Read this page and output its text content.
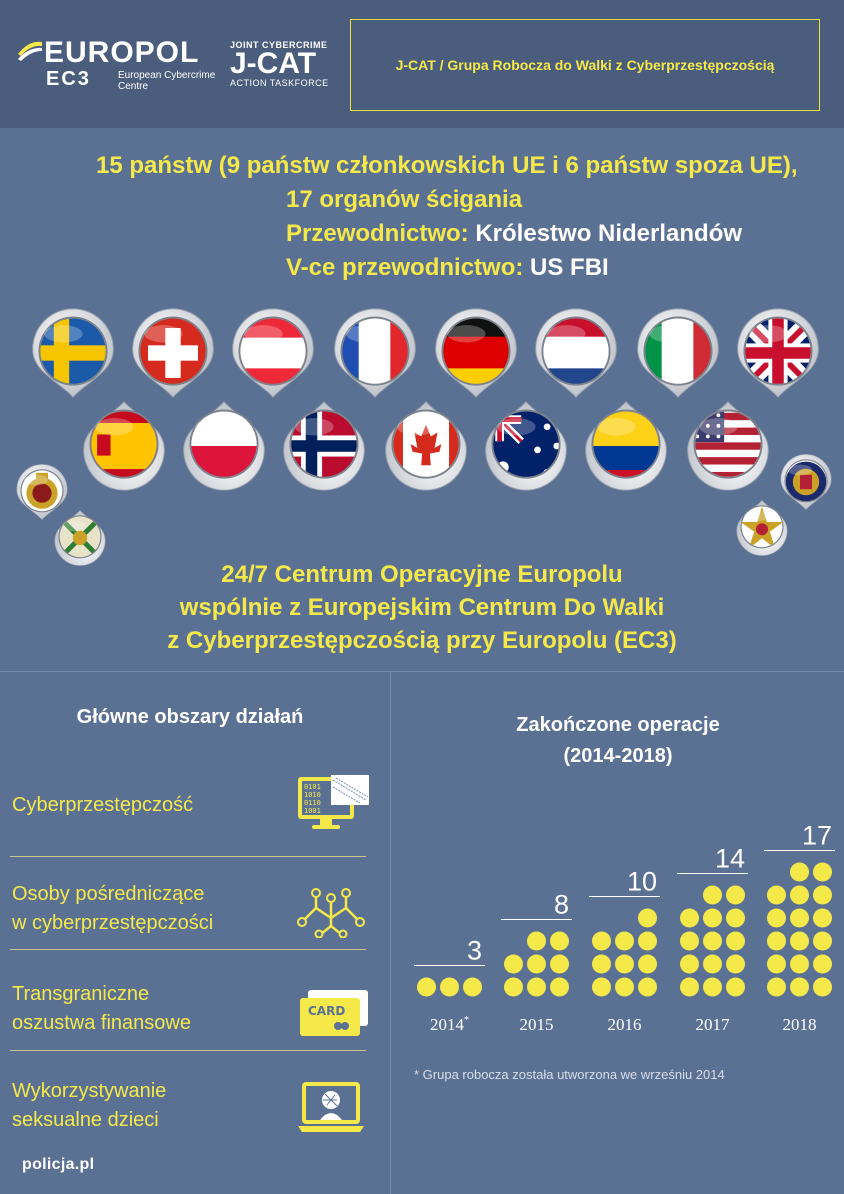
EUROPOL
EC3	European Cybercrime Centre
JOINT CYBERCRIME
J-CAT
ACTION TASKFORCE
J-CAT / Grupa Robocza do Walki z Cyberprzestępczością
15 państw (9 państw członkowskich UE i 6 państw spoza UE),
17 organów ścigania
Przewodnictwo: Królestwo Niderlandów
V-ce przewodnictwo: US FBI
24/7 Centrum Operacyjne Europolu
wspólnie z Europejskim Centrum Do Walki
z Cyberprzestępczością przy Europolu (EC3)
Główne obszary działań
Cyberprzestępczość
0101
1010
0110
1001
Osoby pośredniczące
w cyberprzestępczości
Transgraniczne
oszustwa finansowe
CARD
Wykorzystywanie
seksualne dzieci
Zakończone operacje
(2014-2018)
3
2014*
8
2015
10
2016
14
2017
17
2018
* Grupa robocza została utworzona we wrześniu 2014
policja.pl
